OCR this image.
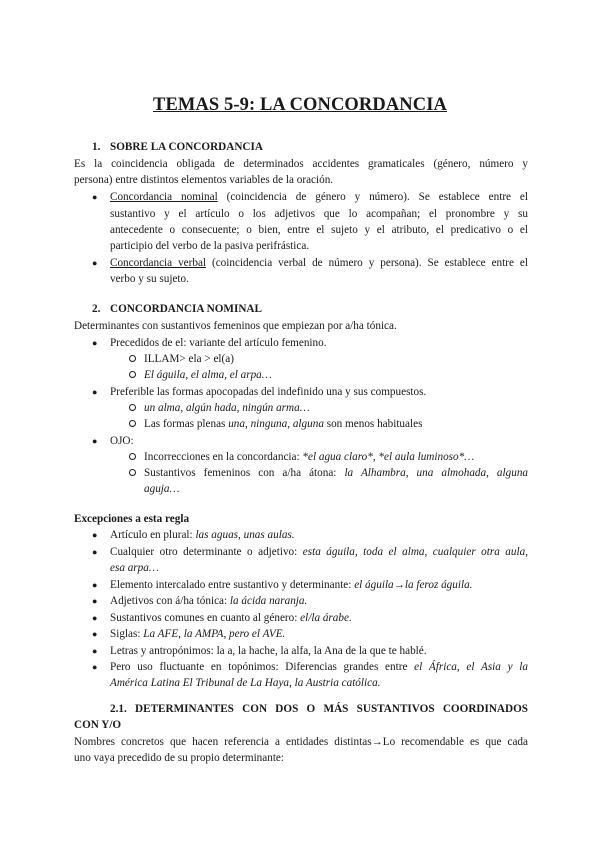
TEMAS 5-9: LA CONCORDANCIA
1. SOBRE LA CONCORDANCIA
Es la coincidencia obligada de determinados accidentes gramaticales (género, número y
persona) entre distintos elementos variables de la oración.
● Concordancia nominal (coincidencia de género y número). Se establece entre el
sustantivo y el artículo o los adjetivos que lo acompañan; el pronombre y su
antecedente o consecuente; o bien, entre el sujeto y el atributo, el predicativo o el
participio del verbo de la pasiva perifrástica.
● Concordancia verbal (coincidencia verbal de número y persona). Se establece entre el
verbo y su sujeto.
2. CONCORDANCIA NOMINAL
Determinantes con sustantivos femeninos que empiezan por a/ha tónica.
● Precedidos de el: variante del artículo femenino.
ILLAM> ela > el(a)
El águila, el alma, el arpa…
● Preferible las formas apocopadas del indefinido una y sus compuestos.
un alma, algún hada, ningún arma…
Las formas plenas una, ninguna, alguna son menos habituales
● OJO:
Incorrecciones en la concordancia: *el agua claro*, *el aula luminoso*…
Sustantivos femeninos con a/ha átona: la Alhambra, una almohada, alguna
aguja…
Excepciones a esta regla
● Artículo en plural: las aguas, unas aulas.
● Cualquier otro determinante o adjetivo: esta águila, toda el alma, cualquier otra aula,
esa arpa…
● Elemento intercalado entre sustantivo y determinante: el águila→la feroz águila.
● Adjetivos con á/ha tónica: la ácida naranja.
● Sustantivos comunes en cuanto al género: el/la árabe.
● Siglas: La AFE, la AMPA, pero el AVE.
● Letras y antropónimos: la a, la hache, la alfa, la Ana de la que te hablé.
● Pero uso fluctuante en topónimos: Diferencias grandes entre el África, el Asia y la
América Latina El Tribunal de La Haya, la Austria católica.
2.1. DETERMINANTES CON DOS O MÁS SUSTANTIVOS COORDINADOS
CON Y/O
Nombres concretos que hacen referencia a entidades distintas→Lo recomendable es que cada
uno vaya precedido de su propio determinante:
